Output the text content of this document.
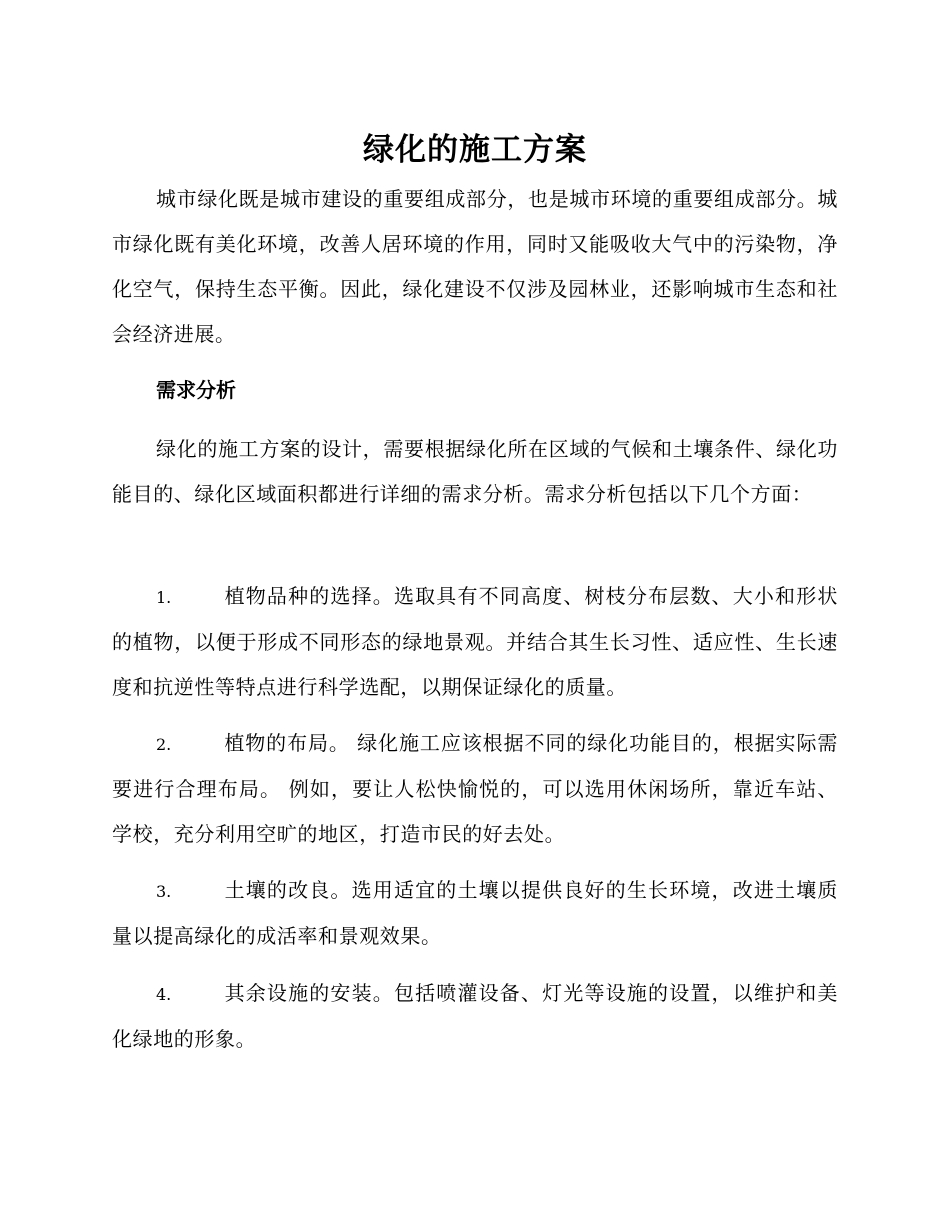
绿化的施工方案

城市绿化既是城市建设的重要组成部分，也是城市环境的重要组成部分。城市绿化既有美化环境，改善人居环境的作用，同时又能吸收大气中的污染物，净化空气，保持生态平衡。因此，绿化建设不仅涉及园林业，还影响城市生态和社会经济进展。

需求分析

绿化的施工方案的设计，需要根据绿化所在区域的气候和土壤条件、绿化功能目的、绿化区域面积都进行详细的需求分析。需求分析包括以下几个方面：

1.	植物品种的选择。选取具有不同高度、树枝分布层数、大小和形状的植物，以便于形成不同形态的绿地景观。并结合其生长习性、适应性、生长速度和抗逆性等特点进行科学选配，以期保证绿化的质量。

2.	植物的布局。 绿化施工应该根据不同的绿化功能目的，根据实际需要进行合理布局。 例如，要让人松快愉悦的，可以选用休闲场所，靠近车站、学校，充分利用空旷的地区，打造市民的好去处。

3.	土壤的改良。选用适宜的土壤以提供良好的生长环境，改进土壤质量以提高绿化的成活率和景观效果。

4.	其余设施的安装。包括喷灌设备、灯光等设施的设置，以维护和美化绿地的形象。
